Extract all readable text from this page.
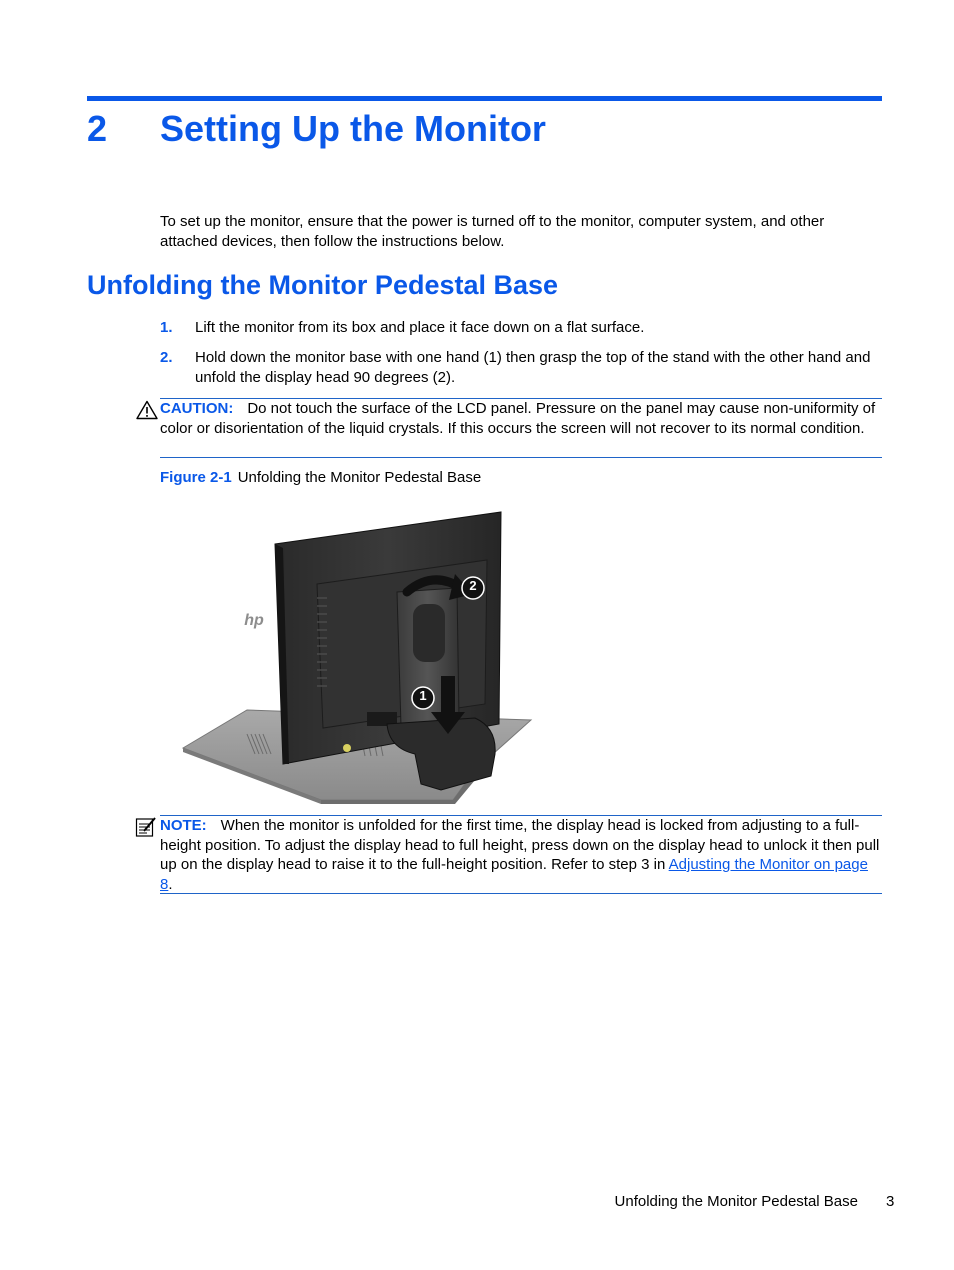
2 Setting Up the Monitor
To set up the monitor, ensure that the power is turned off to the monitor, computer system, and other attached devices, then follow the instructions below.
Unfolding the Monitor Pedestal Base
1. Lift the monitor from its box and place it face down on a flat surface.
2. Hold down the monitor base with one hand (1) then grasp the top of the stand with the other hand and unfold the display head 90 degrees (2).
CAUTION: Do not touch the surface of the LCD panel. Pressure on the panel may cause non-uniformity of color or disorientation of the liquid crystals. If this occurs the screen will not recover to its normal condition.
Figure 2-1 Unfolding the Monitor Pedestal Base
hp
2
1
NOTE: When the monitor is unfolded for the first time, the display head is locked from adjusting to a full-height position. To adjust the display head to full height, press down on the display head to unlock it then pull up on the display head to raise it to the full-height position. Refer to step 3 in Adjusting the Monitor on page 8.
Unfolding the Monitor Pedestal Base 3
